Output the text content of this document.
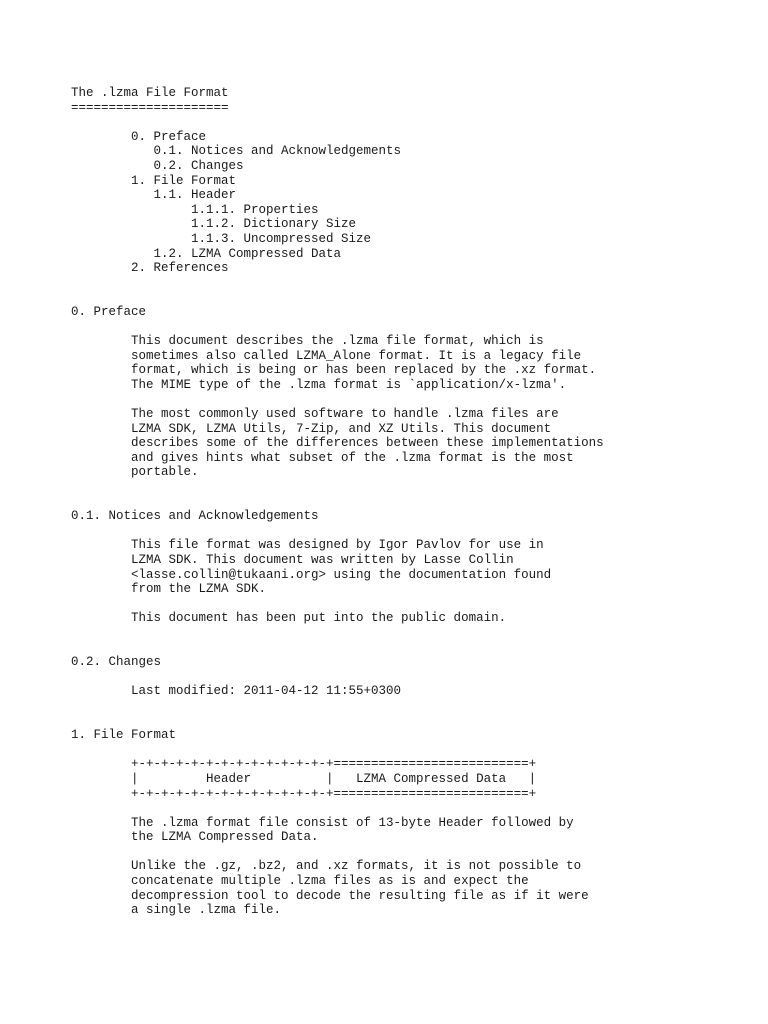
The .lzma File Format
=====================
0. Preface
0.1. Notices and Acknowledgements
0.2. Changes
1. File Format
1.1. Header
1.1.1. Properties
1.1.2. Dictionary Size
1.1.3. Uncompressed Size
1.2. LZMA Compressed Data
2. References
0. Preface
This document describes the .lzma file format, which is
sometimes also called LZMA_Alone format. It is a legacy file
format, which is being or has been replaced by the .xz format.
The MIME type of the .lzma format is `application/x-lzma'.
The most commonly used software to handle .lzma files are
LZMA SDK, LZMA Utils, 7-Zip, and XZ Utils. This document
describes some of the differences between these implementations
and gives hints what subset of the .lzma format is the most
portable.
0.1. Notices and Acknowledgements
This file format was designed by Igor Pavlov for use in
LZMA SDK. This document was written by Lasse Collin
<lasse.collin@tukaani.org> using the documentation found
from the LZMA SDK.
This document has been put into the public domain.
0.2. Changes
Last modified: 2011-04-12 11:55+0300
1. File Format
+-+-+-+-+-+-+-+-+-+-+-+-+-+==========================+
|         Header          |   LZMA Compressed Data   |
+-+-+-+-+-+-+-+-+-+-+-+-+-+==========================+
The .lzma format file consist of 13-byte Header followed by
the LZMA Compressed Data.
Unlike the .gz, .bz2, and .xz formats, it is not possible to
concatenate multiple .lzma files as is and expect the
decompression tool to decode the resulting file as if it were
a single .lzma file.
